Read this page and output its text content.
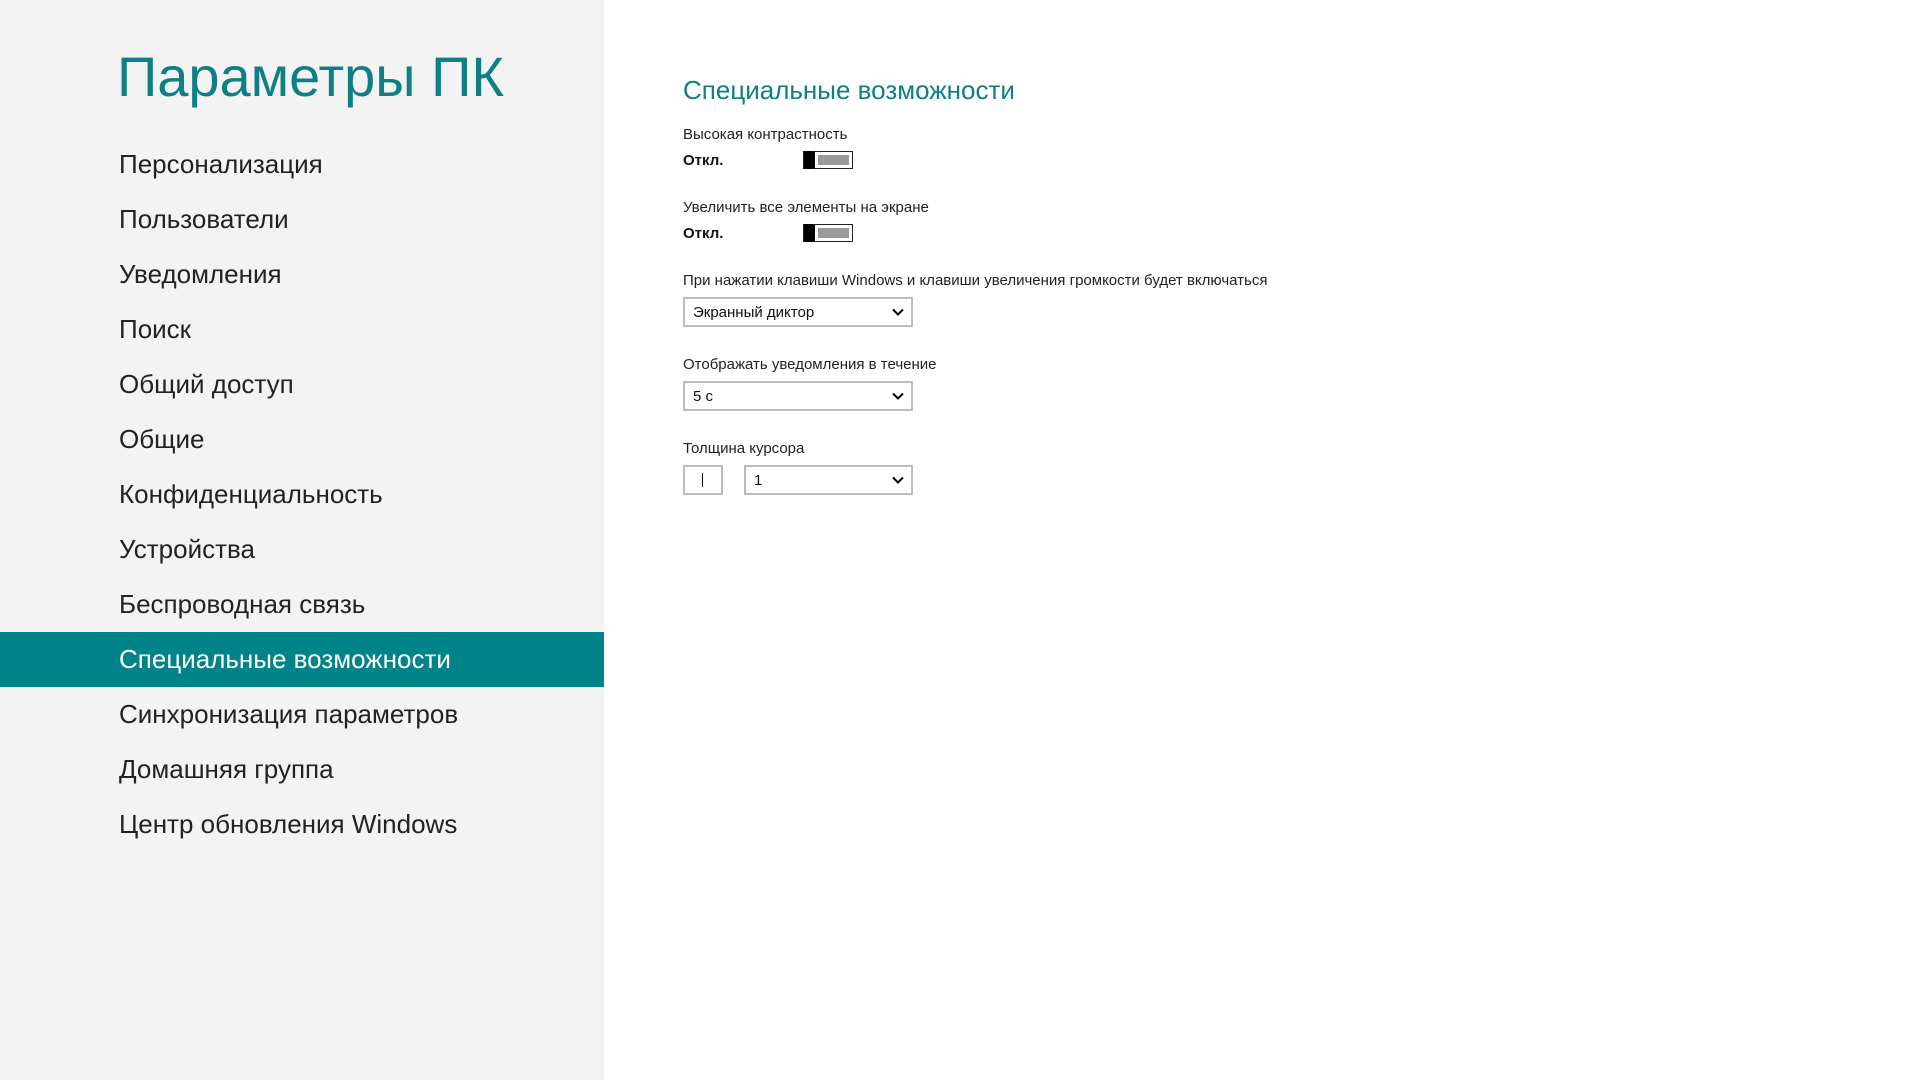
Параметры ПК
Персонализация
Пользователи
Уведомления
Поиск
Общий доступ
Общие
Конфиденциальность
Устройства
Беспроводная связь
Специальные возможности
Синхронизация параметров
Домашняя группа
Центр обновления Windows
Специальные возможности
Высокая контрастность
Откл.
Увеличить все элементы на экране
Откл.
При нажатии клавиши Windows и клавиши увеличения громкости будет включаться
Экранный диктор
Отображать уведомления в течение
5 с
Толщина курсора
1
